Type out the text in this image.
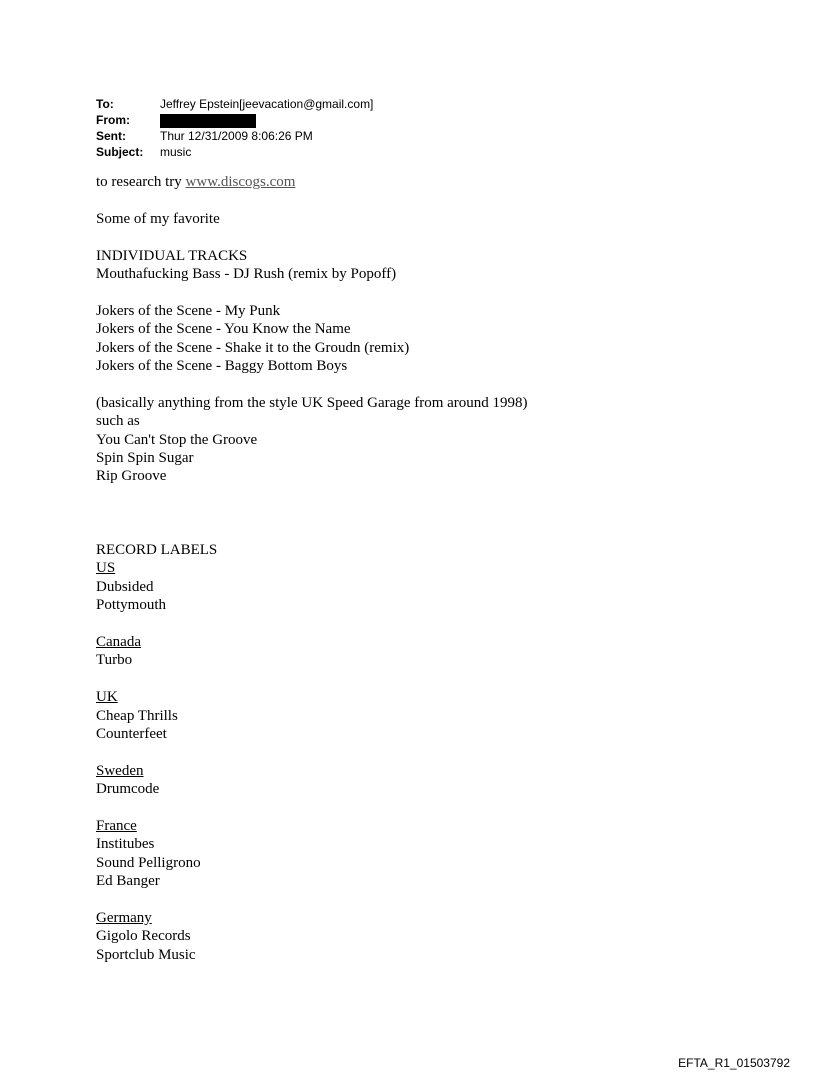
To:	Jeffrey Epstein[jeevacation@gmail.com]
From:
Sent:	Thur 12/31/2009 8:06:26 PM
Subject:	music
to research try www.discogs.com
Some of my favorite
INDIVIDUAL TRACKS
Mouthafucking Bass - DJ Rush (remix by Popoff)
Jokers of the Scene - My Punk
Jokers of the Scene - You Know the Name
Jokers of the Scene - Shake it to the Groudn (remix)
Jokers of the Scene - Baggy Bottom Boys
(basically anything from the style UK Speed Garage from around 1998)
such as
You Can't Stop the Groove
Spin Spin Sugar
Rip Groove
RECORD LABELS
US
Dubsided
Pottymouth
Canada
Turbo
UK
Cheap Thrills
Counterfeet
Sweden
Drumcode
France
Institubes
Sound Pelligrono
Ed Banger
Germany
Gigolo Records
Sportclub Music
EFTA_R1_01503792
